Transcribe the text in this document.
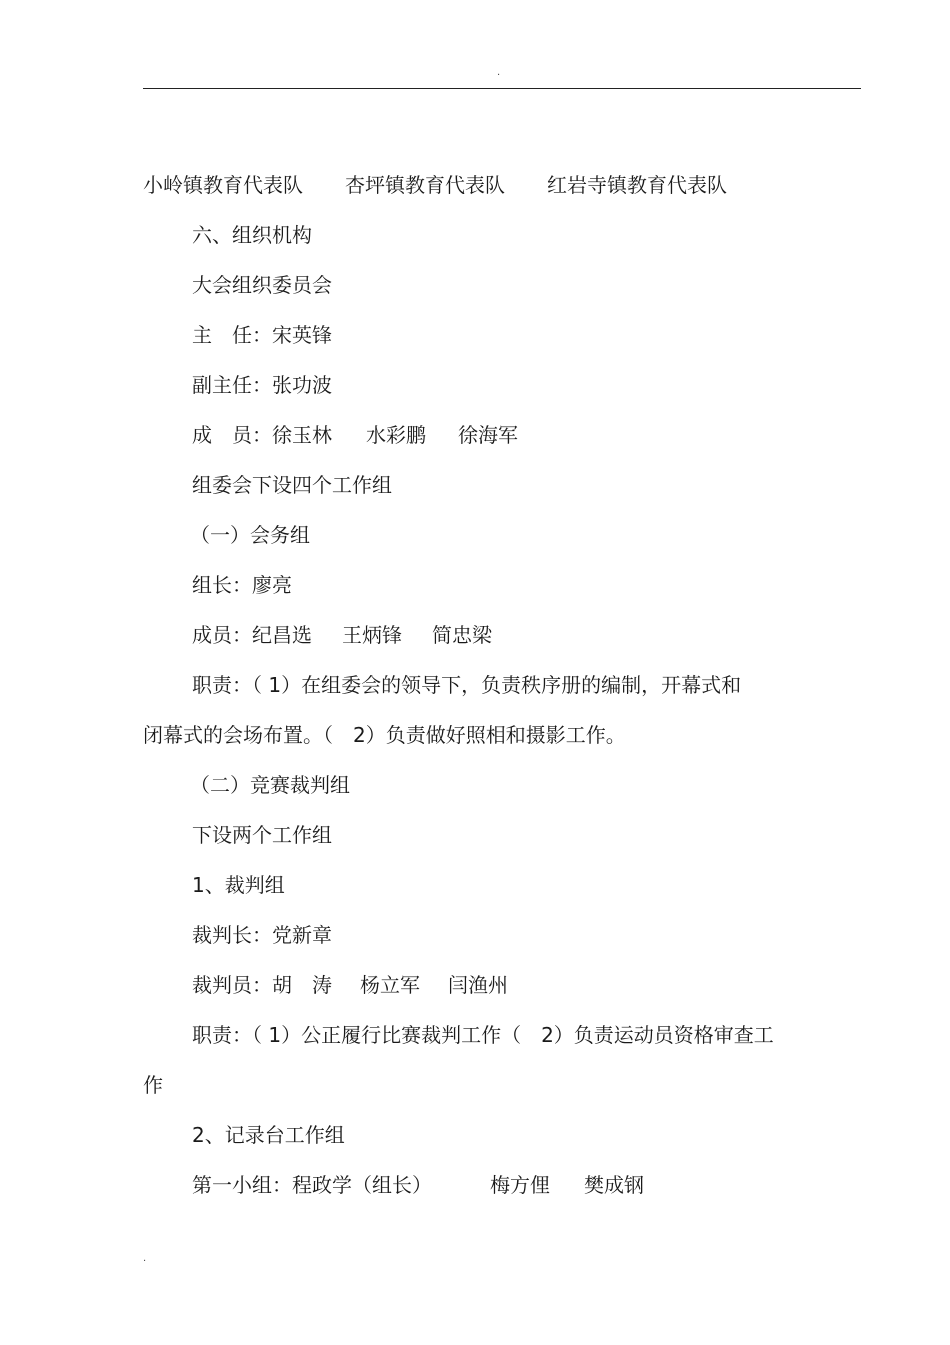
·
小岭镇教育代表队 杏坪镇教育代表队 红岩寺镇教育代表队
六、组织机构
大会组织委员会
主　任：宋英锋
副主任：张功波
成　员：徐玉林 水彩鹏 徐海军
组委会下设四个工作组
（一）会务组
组长：廖亮
成员：纪昌选 王炳锋 简忠梁
职责：（ 1）在组委会的领导下，负责秩序册的编制，开幕式和
闭幕式的会场布置。（　2）负责做好照相和摄影工作。
（二）竞赛裁判组
下设两个工作组
1、裁判组
裁判长：党新章
裁判员：胡　涛 杨立军 闫渔州
职责：（ 1）公正履行比赛裁判工作（　2）负责运动员资格审查工
作
2、记录台工作组
第一小组：程政学（组长）	梅方俚 樊成钢
·
